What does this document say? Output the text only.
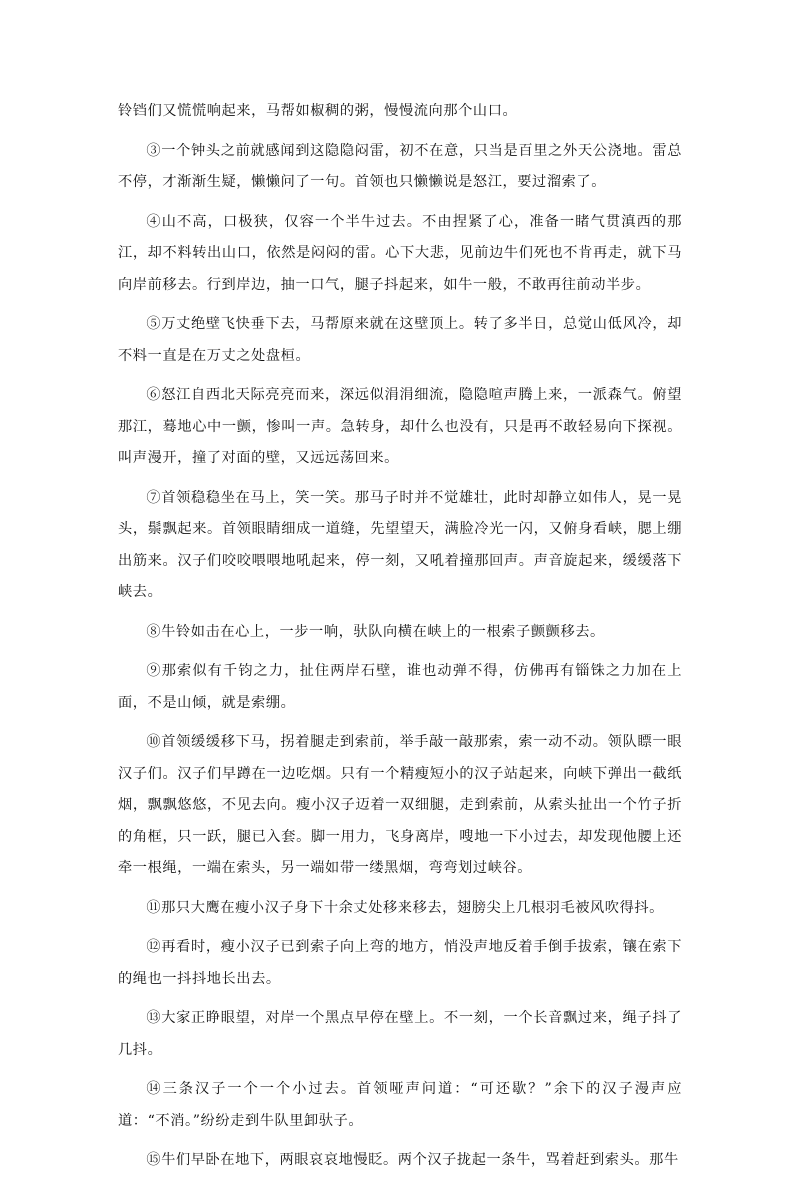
铃铛们又慌慌响起来，马帮如椒稠的粥，慢慢流向那个山口。

③一个钟头之前就感闻到这隐隐闷雷，初不在意，只当是百里之外天公浇地。雷总不停，才渐渐生疑，懒懒问了一句。首领也只懒懒说是怒江，要过溜索了。

④山不高，口极狭，仅容一个半牛过去。不由捏紧了心，准备一睹气贯滇西的那江，却不料转出山口，依然是闷闷的雷。心下大悲，见前边牛们死也不肯再走，就下马向岸前移去。行到岸边，抽一口气，腿子抖起来，如牛一般，不敢再往前动半步。

⑤万丈绝壁飞快垂下去，马帮原来就在这壁顶上。转了多半日，总觉山低风冷，却不料一直是在万丈之处盘桓。

⑥怒江自西北天际亮亮而来，深远似涓涓细流，隐隐喧声腾上来，一派森气。俯望那江，蓦地心中一颤，惨叫一声。急转身，却什么也没有，只是再不敢轻易向下探视。叫声漫开，撞了对面的壁，又远远荡回来。

⑦首领稳稳坐在马上，笑一笑。那马子时并不觉雄壮，此时却静立如伟人，晃一晃头，鬃飘起来。首领眼睛细成一道缝，先望望天，满脸冷光一闪，又俯身看峡，腮上绷出筋来。汉子们咬咬喂喂地吼起来，停一刻，又吼着撞那回声。声音旋起来，缓缓落下峡去。

⑧牛铃如击在心上，一步一响，驮队向横在峡上的一根索子颤颤移去。

⑨那索似有千钧之力，扯住两岸石壁，谁也动弹不得，仿佛再有锱铢之力加在上面，不是山倾，就是索绷。

⑩首领缓缓移下马，拐着腿走到索前，举手敲一敲那索，索一动不动。领队瞟一眼汉子们。汉子们早蹲在一边吃烟。只有一个精瘦短小的汉子站起来，向峡下弹出一截纸烟，飘飘悠悠，不见去向。瘦小汉子迈着一双细腿，走到索前，从索头扯出一个竹子折的角框，只一跃，腿已入套。脚一用力，飞身离岸，嗖地一下小过去，却发现他腰上还牵一根绳，一端在索头，另一端如带一缕黑烟，弯弯划过峡谷。

⑪那只大鹰在瘦小汉子身下十余丈处移来移去，翅膀尖上几根羽毛被风吹得抖。

⑫再看时，瘦小汉子已到索子向上弯的地方，悄没声地反着手倒手拔索，镶在索下的绳也一抖抖地长出去。

⑬大家正睁眼望，对岸一个黑点早停在壁上。不一刻，一个长音飘过来，绳子抖了几抖。

⑭三条汉子一个一个小过去。首领哑声问道：“可还歇？”余下的汉子漫声应道：“不消。”纷纷走到牛队里卸驮子。

⑮牛们早卧在地下，两眼哀哀地慢眨。两个汉子拢起一条牛，骂着赶到索头。那牛
